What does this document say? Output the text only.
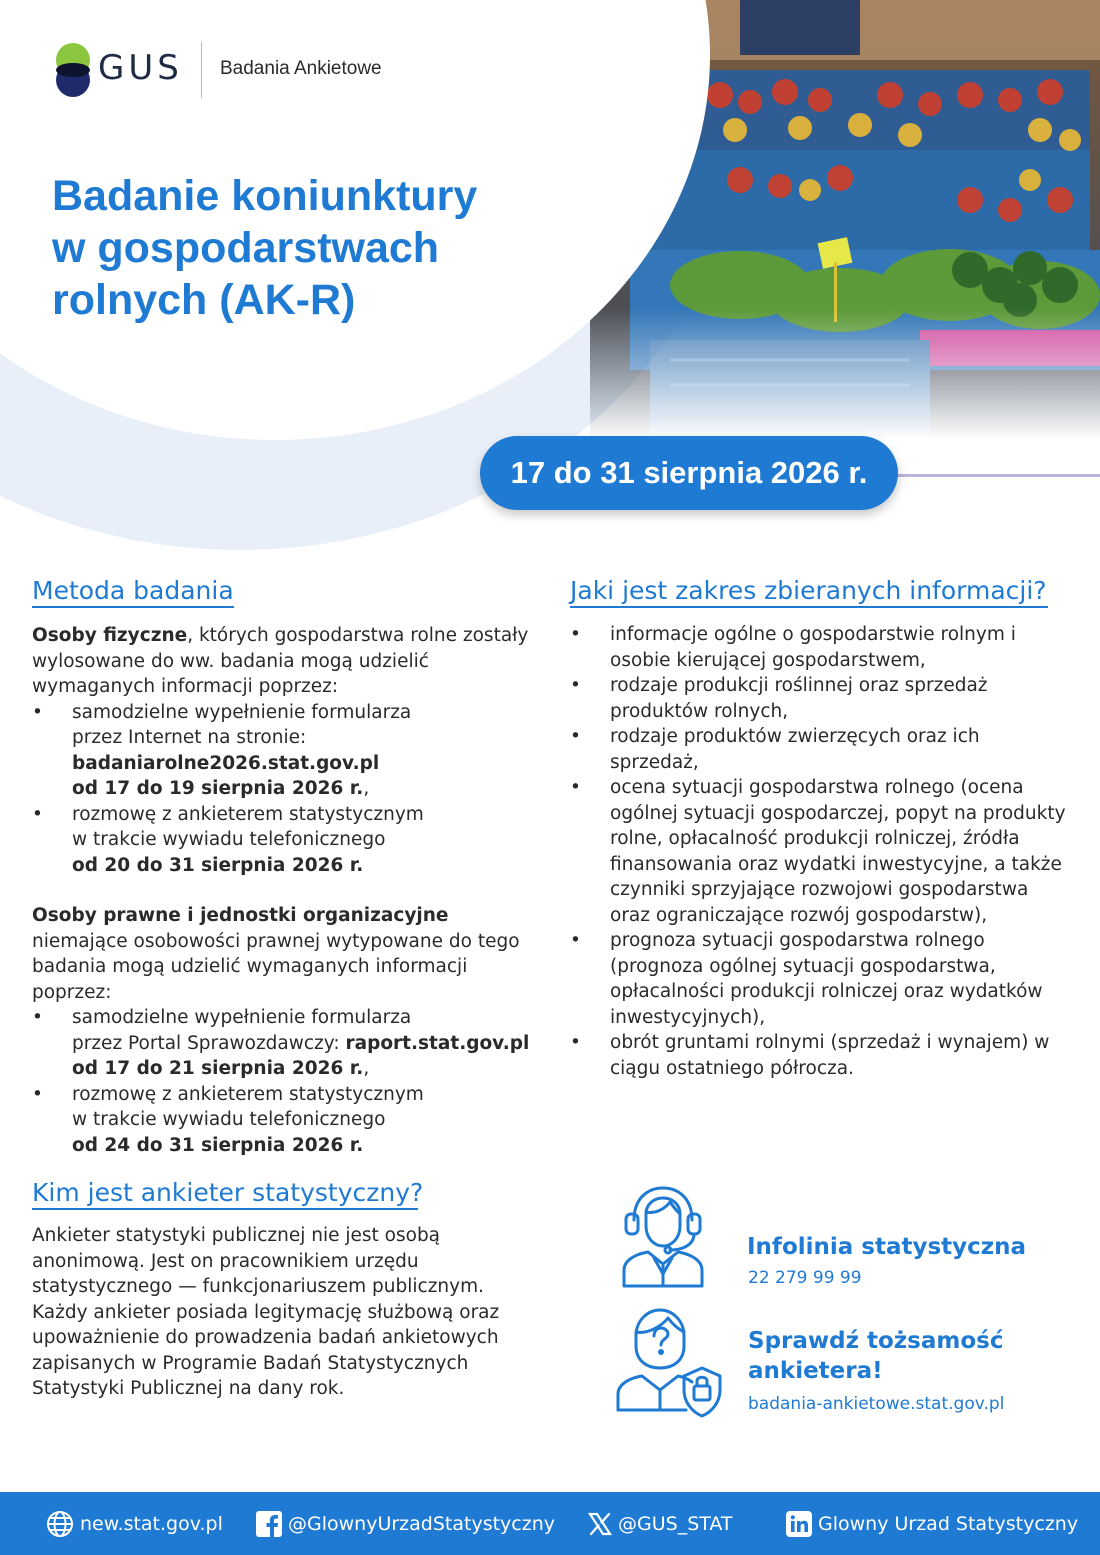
GUS Badania Ankietowe
Badanie koniunktury
w gospodarstwach
rolnych (AK-R)
17 do 31 sierpnia 2026 r.
Metoda badania

Osoby fizyczne, których gospodarstwa rolne zostały wylosowane do ww. badania mogą udzielić wymaganych informacji poprzez:

• samodzielne wypełnienie formularza
przez Internet na stronie:
badaniarolne2026.stat.gov.pl
od 17 do 19 sierpnia 2026 r.,
• rozmowę z ankieterem statystycznym
w trakcie wywiadu telefonicznego
od 20 do 31 sierpnia 2026 r.

Osoby prawne i jednostki organizacyjne niemające osobowości prawnej wytypowane do tego badania mogą udzielić wymaganych informacji poprzez:

• samodzielne wypełnienie formularza
przez Portal Sprawozdawczy: raport.stat.gov.pl
od 17 do 21 sierpnia 2026 r.,
• rozmowę z ankieterem statystycznym
w trakcie wywiadu telefonicznego
od 24 do 31 sierpnia 2026 r.
Jaki jest zakres zbieranych informacji?
• informacje ogólne o gospodarstwie rolnym i osobie kierującej gospodarstwem,
• rodzaje produkcji roślinnej oraz sprzedaż produktów rolnych,
• rodzaje produktów zwierzęcych oraz ich sprzedaż,
• ocena sytuacji gospodarstwa rolnego (ocena ogólnej sytuacji gospodarczej, popyt na produkty rolne, opłacalność produkcji rolniczej, źródła finansowania oraz wydatki inwestycyjne, a także czynniki sprzyjające rozwojowi gospodarstwa oraz ograniczające rozwój gospodarstw),
• prognoza sytuacji gospodarstwa rolnego (prognoza ogólnej sytuacji gospodarstwa, opłacalności produkcji rolniczej oraz wydatków inwestycyjnych),
• obrót gruntami rolnymi (sprzedaż i wynajem) w ciągu ostatniego półrocza.
Kim jest ankieter statystyczny?

Ankieter statystyki publicznej nie jest osobą anonimową. Jest on pracownikiem urzędu statystycznego — funkcjonariuszem publicznym. Każdy ankieter posiada legitymację służbową oraz upoważnienie do prowadzenia badań ankietowych zapisanych w Programie Badań Statystycznych Statystyki Publicznej na dany rok.

Infolinia statystyczna
22 279 99 99
Sprawdź tożsamość
ankietera!
badania-ankietowe.stat.gov.pl
new.stat.gov.pl	@GlownyUrzadStatystyczny	@GUS_STAT	Glowny Urzad Statystyczny
